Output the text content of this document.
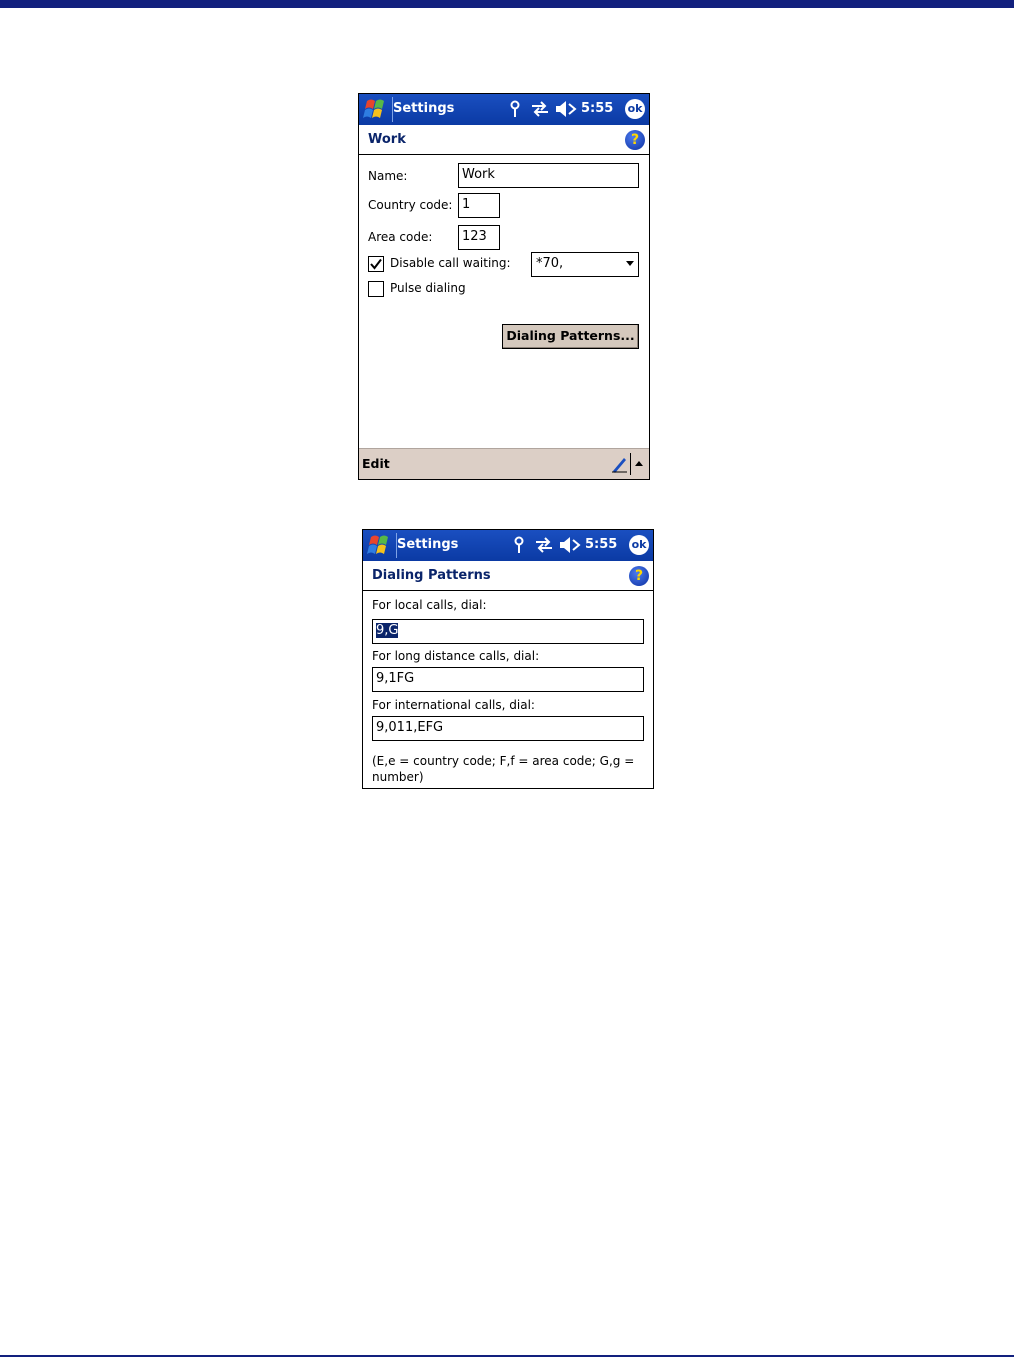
Settings	5:55 ok
Work	?
Name:	Work
Country code: 1
Area code:	123
Disable call waiting:	*70,
Pulse dialing
Dialing Patterns...
Edit
Settings	5:55 ok
Dialing Patterns	?
For local calls, dial:
9,G
For long distance calls, dial:
9,1FG
For international calls, dial:
9,011,EFG
(E,e = country code; F,f = area code; G,g = number)
